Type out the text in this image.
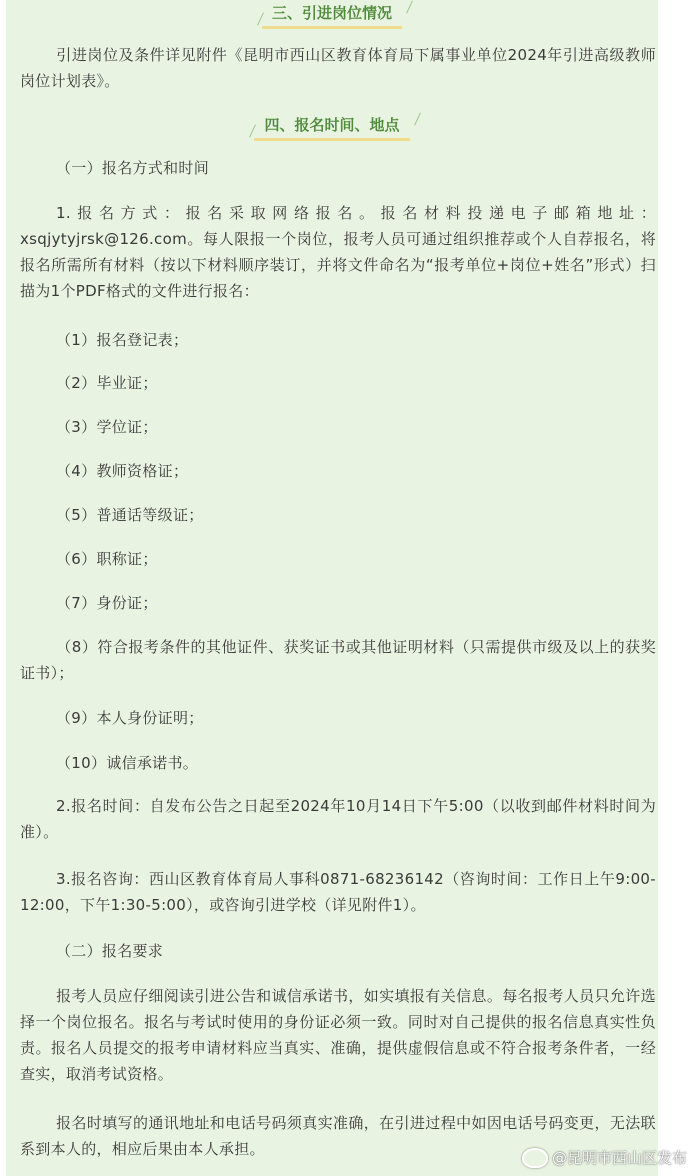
三、引进岗位情况
引进岗位及条件详见附件《昆明市西山区教育体育局下属事业单位2024年引进高级教师岗位计划表》。
四、报名时间、地点
（一）报名方式和时间
1.报名方式：报名采取网络报名。报名材料投递电子邮箱地址：xsqjytyjrsk@126.com。每人限报一个岗位，报考人员可通过组织推荐或个人自荐报名，将报名所需所有材料（按以下材料顺序装订，并将文件命名为“报考单位+岗位+姓名”形式）扫描为1个PDF格式的文件进行报名：
（1）报名登记表；
（2）毕业证；
（3）学位证；
（4）教师资格证；
（5）普通话等级证；
（6）职称证；
（7）身份证；
（8）符合报考条件的其他证件、获奖证书或其他证明材料（只需提供市级及以上的获奖证书）；
（9）本人身份证明；
（10）诚信承诺书。
2.报名时间：自发布公告之日起至2024年10月14日下午5:00（以收到邮件材料时间为准）。
3.报名咨询：西山区教育体育局人事科0871-68236142（咨询时间：工作日上午9:00-12:00，下午1:30-5:00），或咨询引进学校（详见附件1）。
（二）报名要求
报考人员应仔细阅读引进公告和诚信承诺书，如实填报有关信息。每名报考人员只允许选择一个岗位报名。报名与考试时使用的身份证必须一致。同时对自己提供的报名信息真实性负责。报名人员提交的报考申请材料应当真实、准确，提供虚假信息或不符合报考条件者，一经查实，取消考试资格。
报名时填写的通讯地址和电话号码须真实准确，在引进过程中如因电话号码变更，无法联系到本人的，相应后果由本人承担。	@昆明市西山区发布
